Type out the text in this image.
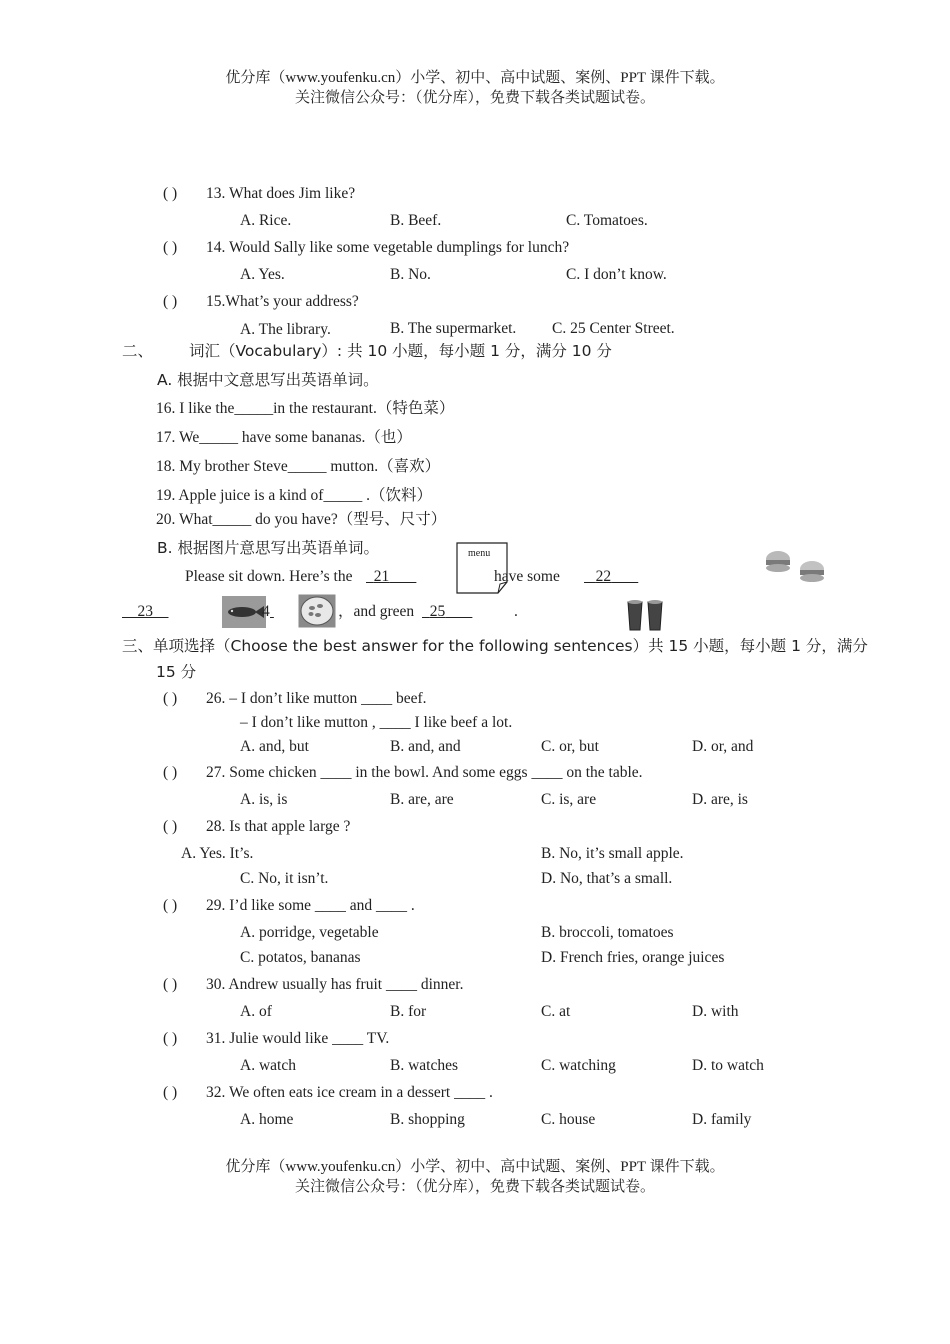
优分库（www.youfenku.cn）小学、初中、高中试题、案例、PPT 课件下载。
关注微信公众号：（优分库），免费下载各类试题试卷。
( ) 13. What does Jim like?
A. Rice.	B. Beef.	C. Tomatoes.
( ) 14. Would Sally like some vegetable dumplings for lunch?
A. Yes.	B. No.	C. I don’t know.
( ) 15.What’s your address?
A. The library.	B. The supermarket. C. 25 Center Street.
二、 词汇（Vocabulary）: 共 10 小题，每小题 1 分，满分 10 分
A. 根据中文意思写出英语单词。
16. I like the_____in the restaurant.（特色菜）
17. We_____ have some bananas.（也）
18. My brother Steve_____ mutton.（喜欢）
19. Apple juice is a kind of_____ .（饮料）
20. What_____ do you have?（型号、尺寸）
B. 根据图片意思写出英语单词。
Please sit down. Here’s the	21
menu
have some	22
23	4
	，and green	25	.
三、单项选择（Choose the best answer for the following sentences）共 15 小题，每小题 1 分，满分
15 分
( ) 26. – I don’t like mutton ____ beef.
– I don’t like mutton , ____ I like beef a lot.
A. and, but	B. and, and	C. or, but	D. or, and
( ) 27. Some chicken ____ in the bowl. And some eggs ____ on the table.
A. is, is	B. are, are	C. is, are	D. are, is
( ) 28. Is that apple large ?
A. Yes. It’s.	B. No, it’s small apple.
C. No, it isn’t.	D. No, that’s a small.
( ) 29. I’d like some ____ and ____ .
A. porridge, vegetable	B. broccoli, tomatoes
C. potatos, bananas	D. French fries, orange juices
( ) 30. Andrew usually has fruit ____ dinner.
A. of	B. for	C. at	D. with
( ) 31. Julie would like ____ TV.
A. watch	B. watches	C. watching	D. to watch
( ) 32. We often eats ice cream in a dessert ____ .
A. home	B. shopping	C. house	D. family
优分库（www.youfenku.cn）小学、初中、高中试题、案例、PPT 课件下载。
关注微信公众号：（优分库），免费下载各类试题试卷。
